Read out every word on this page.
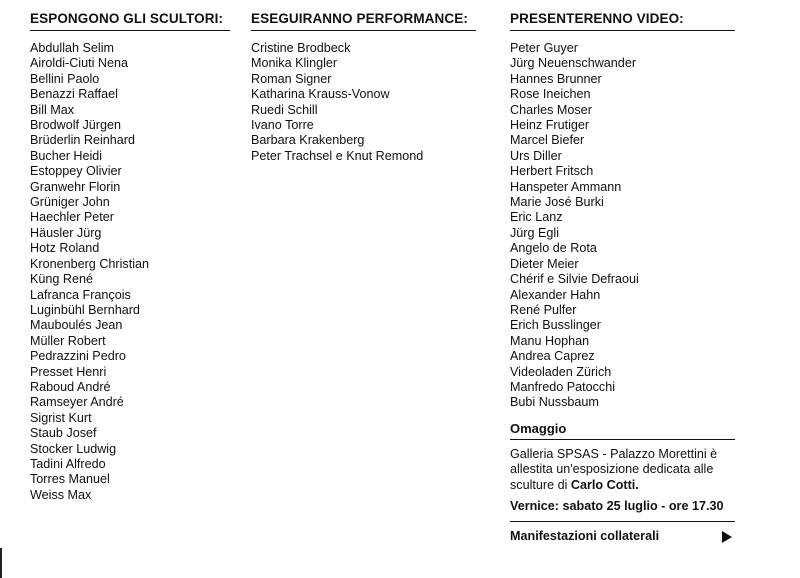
ESPONGONO GLI SCULTORI:
Abdullah Selim
Airoldi-Ciuti Nena
Bellini Paolo
Benazzi Raffael
Bill Max
Brodwolf Jürgen
Brüderlin Reinhard
Bucher Heidi
Estoppey Olivier
Granwehr Florin
Grüniger John
Haechler Peter
Häusler Jürg
Hotz Roland
Kronenberg Christian
Küng René
Lafranca François
Luginbühl Bernhard
Mauboulés Jean
Müller Robert
Pedrazzini Pedro
Presset Henri
Raboud André
Ramseyer André
Sigrist Kurt
Staub Josef
Stocker Ludwig
Tadini Alfredo
Torres Manuel
Weiss Max
ESEGUIRANNO PERFORMANCE:
Cristine Brodbeck
Monika Klingler
Roman Signer
Katharina Krauss-Vonow
Ruedi Schill
Ivano Torre
Barbara Krakenberg
Peter Trachsel e Knut Remond
PRESENTERENNO VIDEO:
Peter Guyer
Jürg Neuenschwander
Hannes Brunner
Rose Ineichen
Charles Moser
Heinz Frutiger
Marcel Biefer
Urs Diller
Herbert Fritsch
Hanspeter Ammann
Marie José Burki
Eric Lanz
Jürg Egli
Angelo de Rota
Dieter Meier
Chérif e Silvie Defraoui
Alexander Hahn
René Pulfer
Erich Busslinger
Manu Hophan
Andrea Caprez
Videoladen Zürich
Manfredo Patocchi
Bubi Nussbaum
Omaggio
Galleria SPSAS - Palazzo Morettini è allestita un'esposizione dedicata alle sculture di Carlo Cotti.
Vernice: sabato 25 luglio - ore 17.30
Manifestazioni collaterali
